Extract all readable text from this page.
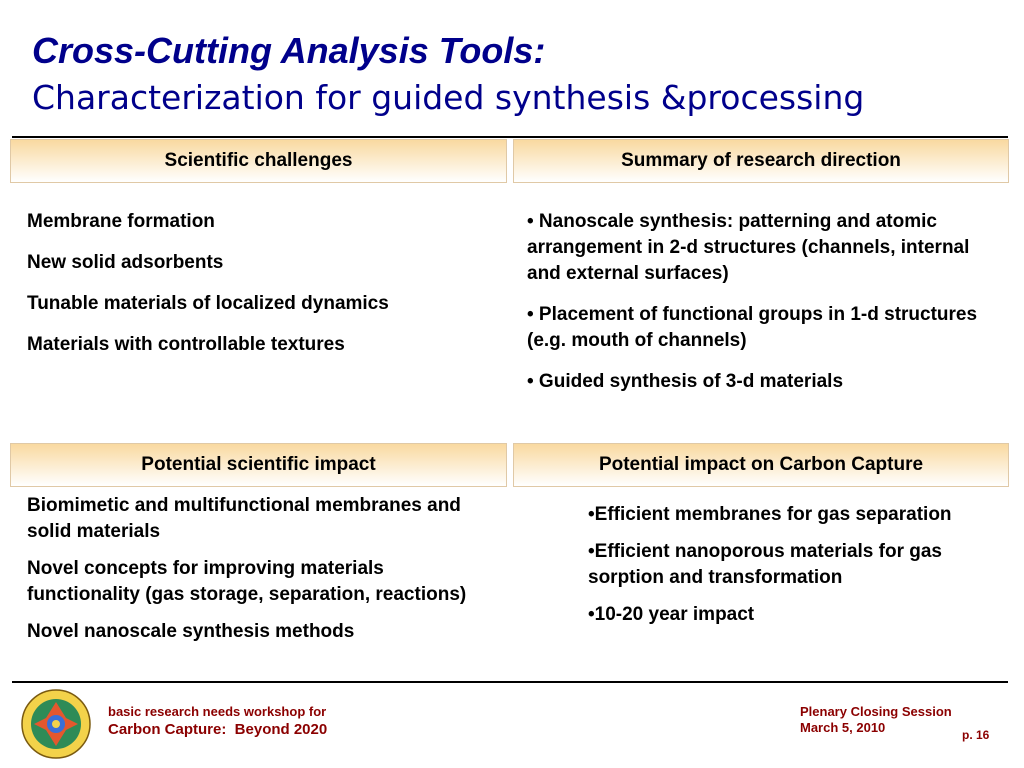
Cross-Cutting Analysis Tools:
Characterization for guided synthesis &processing
Scientific challenges

Membrane formation

New solid adsorbents

Tunable materials of localized dynamics

Materials with controllable textures

Summary of research direction

• Nanoscale synthesis: patterning and atomic arrangement in 2-d structures (channels, internal and external surfaces)

• Placement of functional groups in 1-d structures (e.g. mouth of channels)

• Guided synthesis of 3-d materials

Potential scientific impact

Biomimetic and multifunctional membranes and solid materials

Novel concepts for improving materials functionality (gas storage, separation, reactions)

Novel nanoscale synthesis methods

Potential impact on Carbon Capture

•Efficient membranes for gas separation

•Efficient nanoporous materials for gas sorption and transformation

•10-20 year impact

basic research needs workshop for
Carbon Capture:  Beyond 2020
Plenary Closing Session
March 5, 2010	p. 16
